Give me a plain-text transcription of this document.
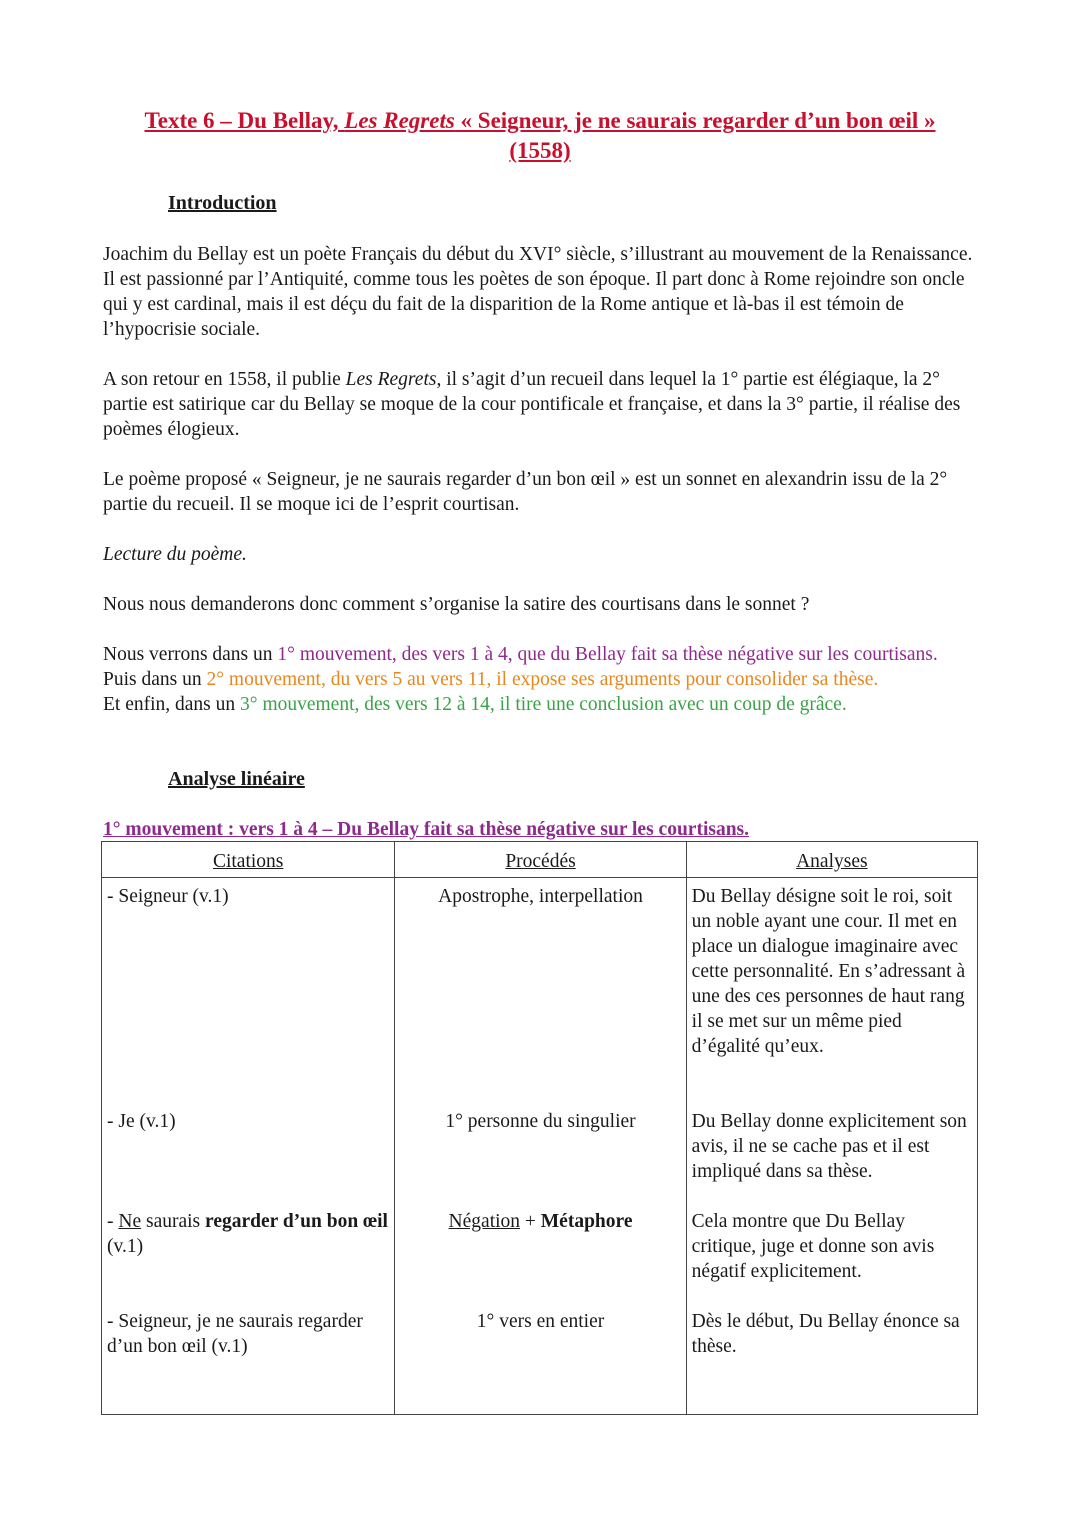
Texte 6 – Du Bellay, Les Regrets « Seigneur, je ne saurais regarder d’un bon œil »
(1558)
Introduction

Joachim du Bellay est un poète Français du début du XVI° siècle, s’illustrant au mouvement de la Renaissance. Il est passionné par l’Antiquité, comme tous les poètes de son époque. Il part donc à Rome rejoindre son oncle qui y est cardinal, mais il est déçu du fait de la disparition de la Rome antique et là-bas il est témoin de l’hypocrisie sociale.

A son retour en 1558, il publie Les Regrets, il s’agit d’un recueil dans lequel la 1° partie est élégiaque, la 2° partie est satirique car du Bellay se moque de la cour pontificale et française, et dans la 3° partie, il réalise des poèmes élogieux.

Le poème proposé « Seigneur, je ne saurais regarder d’un bon œil » est un sonnet en alexandrin issu de la 2° partie du recueil. Il se moque ici de l’esprit courtisan.

Lecture du poème.

Nous nous demanderons donc comment s’organise la satire des courtisans dans le sonnet ?

Nous verrons dans un 1° mouvement, des vers 1 à 4, que du Bellay fait sa thèse négative sur les courtisans.

Puis dans un 2° mouvement, du vers 5 au vers 11, il expose ses arguments pour consolider sa thèse.

Et enfin, dans un 3° mouvement, des vers 12 à 14, il tire une conclusion avec un coup de grâce.

Analyse linéaire
1° mouvement : vers 1 à 4 – Du Bellay fait sa thèse négative sur les courtisans.
Citations	Procédés	Analyses
- Seigneur (v.1)	Apostrophe, interpellation	Du Bellay désigne soit le roi, soit un noble ayant une cour. Il met en place un dialogue imaginaire avec cette personnalité. En s’adressant à une des ces personnes de haut rang il se met sur un même pied d’égalité qu’eux.
- Je (v.1)	1° personne du singulier	Du Bellay donne explicitement son avis, il ne se cache pas et il est impliqué dans sa thèse.
- Ne saurais regarder d’un bon œil (v.1)	Négation + Métaphore	Cela montre que Du Bellay critique, juge et donne son avis négatif explicitement.
- Seigneur, je ne saurais regarder d’un bon œil (v.1)	1° vers en entier	Dès le début, Du Bellay énonce sa thèse.
